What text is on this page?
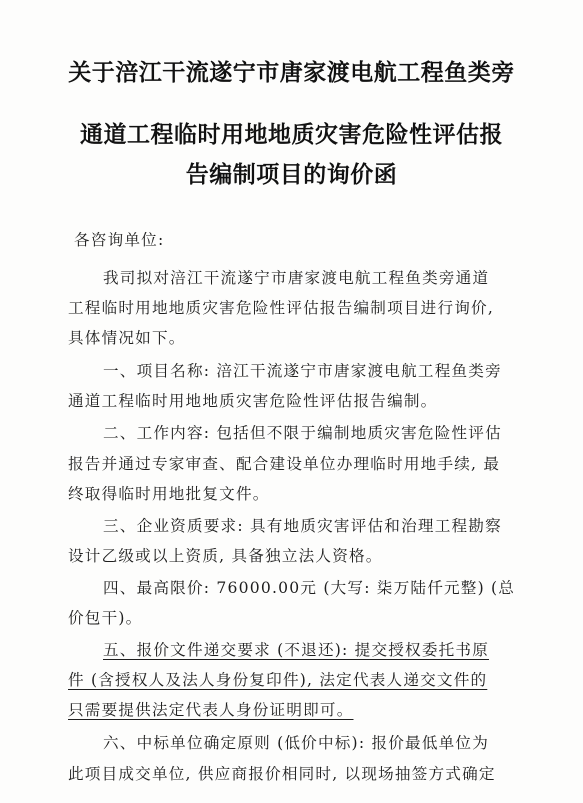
关于涪江干流遂宁市唐家渡电航工程鱼类旁
通道工程临时用地地质灾害危险性评估报
告编制项目的询价函
各咨询单位:
我司拟对涪江干流遂宁市唐家渡电航工程鱼类旁通道
工程临时用地地质灾害危险性评估报告编制项目进行询价,
具体情况如下。
一、项目名称: 涪江干流遂宁市唐家渡电航工程鱼类旁
通道工程临时用地地质灾害危险性评估报告编制。
二、工作内容: 包括但不限于编制地质灾害危险性评估
报告并通过专家审查、配合建设单位办理临时用地手续, 最
终取得临时用地批复文件。
三、企业资质要求: 具有地质灾害评估和治理工程勘察
设计乙级或以上资质, 具备独立法人资格。
四、最高限价: 76000.00元 (大写: 柒万陆仟元整) (总
价包干)。
五、报价文件递交要求 (不退还): 提交授权委托书原
件 (含授权人及法人身份复印件), 法定代表人递交文件的
只需要提供法定代表人身份证明即可。
六、中标单位确定原则 (低价中标): 报价最低单位为
此项目成交单位, 供应商报价相同时, 以现场抽签方式确定
